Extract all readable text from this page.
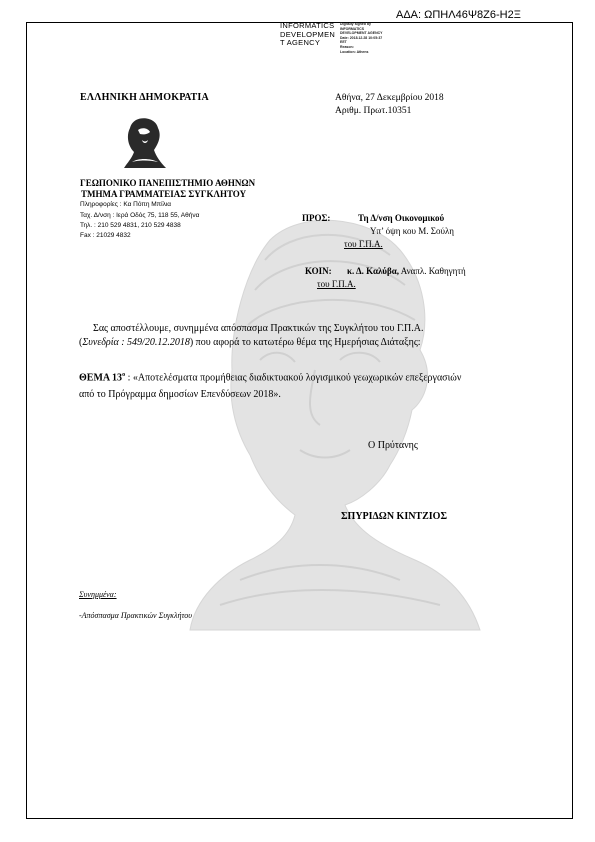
ΑΔΑ: ΩΠΗΛ46Ψ8Ζ6-Η2Ξ
INFORMATICS
DEVELOPMEN
T AGENCY
Digitally signed by
INFORMATICS
DEVELOPMENT AGENCY
Date: 2018.12.28 10:05:37
EET
Reason:
Location: Athens
ΕΛΛΗΝΙΚΗ ΔΗΜΟΚΡΑΤΙΑ
ΓΕΩΠΟΝΙΚΟ ΠΑΝΕΠΙΣΤΗΜΙΟ ΑΘΗΝΩΝ
ΤΜΗΜΑ ΓΡΑΜΜΑΤΕΙΑΣ ΣΥΓΚΛΗΤΟΥ
Πληροφορίες : Κα Πόπη Μπίλια
Ταχ. Δ/νση : Ιερά Οδός 75, 118 55, Αθήνα
Τηλ. : 210 529 4831, 210 529 4838
Fax : 21029 4832
Αθήνα, 27 Δεκεμβρίου 2018
Αριθμ. Πρωτ.10351
ΠΡΟΣ:	Τη Δ/νση Οικονομικού
Υπ’ όψη κου Μ. Σούλη
του Γ.Π.Α.
ΚΟΙΝ: κ. Δ. Καλύβα, Αναπλ. Καθηγητή
του Γ.Π.Α.
Σας αποστέλλουμε, συνημμένα απόσπασμα Πρακτικών της Συγκλήτου του Γ.Π.Α.
(Συνεδρία : 549/20.12.2018) που αφορά το κατωτέρω θέμα της Ημερήσιας Διάταξης:
ΘΕΜΑ $13^o$ : «Αποτελέσματα προμήθειας διαδικτυακού λογισμικού γεωχωρικών επεξεργασιών
από το Πρόγραμμα δημοσίων Επενδύσεων 2018».
Ο Πρύτανης
ΣΠΥΡΙΔΩΝ ΚΙΝΤΖΙΟΣ
Συνημμένα:
-Απόσπασμα Πρακτικών Συγκλήτου
